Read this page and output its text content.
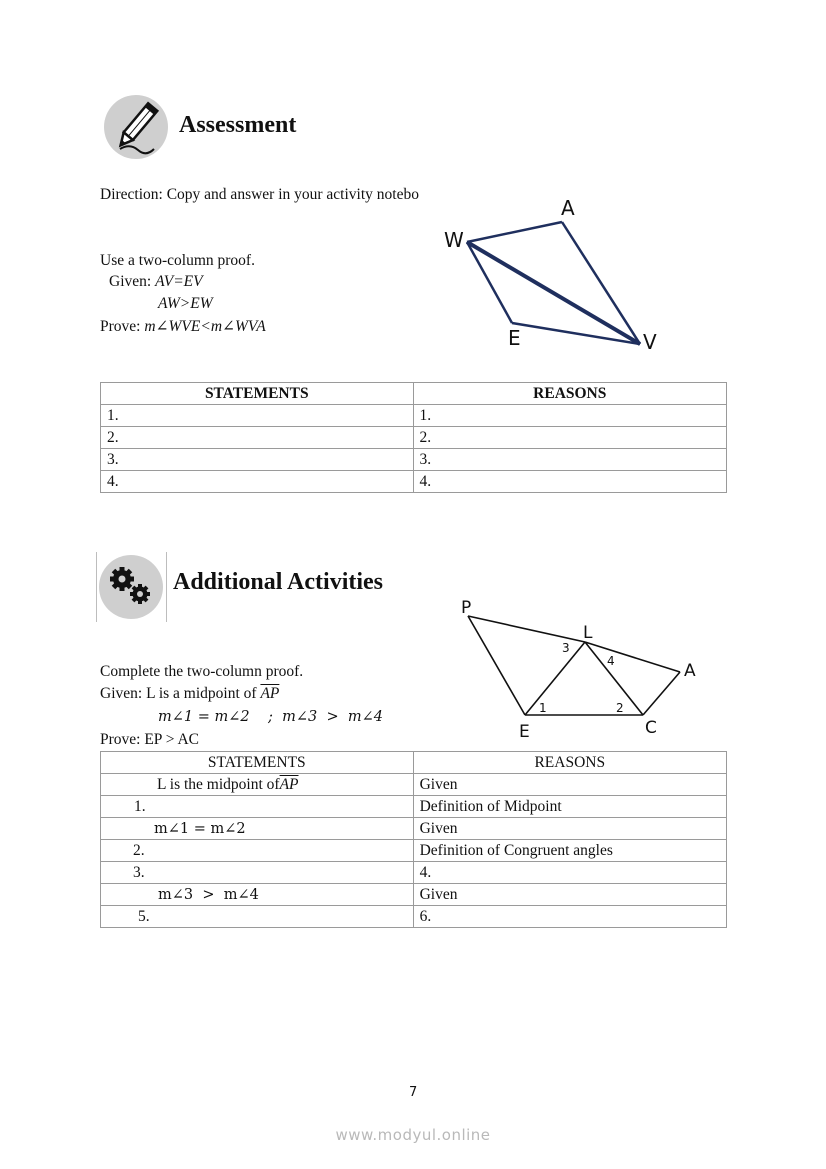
Assessment
Direction: Copy and answer in your activity notebo
Use a two-column proof.
Given: AV=EV
AW>EW
Prove: m∠WVE<m∠WVA
W
A
E	V
STATEMENTS	REASONS
1.	1.
2.	2.
3.	3.
4.	4.
Additional Activities
Complete the two-column proof.
Given: L is a midpoint of $\overline{AP}$
m∠1 = m∠2    ;  m∠3  >  m∠4
Prove: EP > AC
P
L
A
E	C
1	2
3
4
STATEMENTS	REASONS
L is the midpoint $of\overline{AP}$	Given
1.	Definition of Midpoint
m∠1 = m∠2	Given
2.	Definition of Congruent angles
3.	4.
m∠3  >  m∠4	Given
5.	6.
7
www.modyul.online
